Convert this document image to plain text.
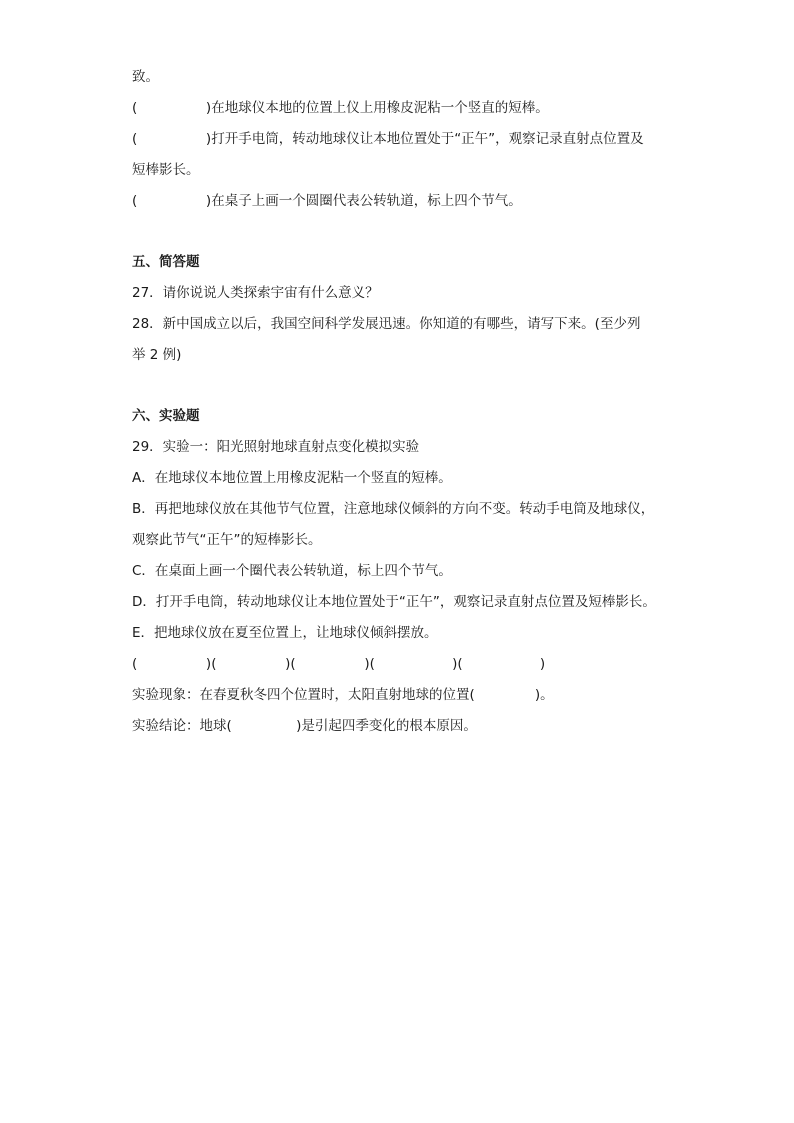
致。
(                )在地球仪本地的位置上仪上用橡皮泥粘一个竖直的短棒。
(                )打开手电筒，转动地球仪让本地位置处于“正午”，观察记录直射点位置及
短棒影长。
(                )在桌子上画一个圆圈代表公转轨道，标上四个节气。
五、简答题
27．请你说说人类探索宇宙有什么意义？
28．新中国成立以后，我国空间科学发展迅速。你知道的有哪些，请写下来。(至少列
举 2 例)
六、实验题
29．实验一：阳光照射地球直射点变化模拟实验
A．在地球仪本地位置上用橡皮泥粘一个竖直的短棒。
B．再把地球仪放在其他节气位置，注意地球仪倾斜的方向不变。转动手电筒及地球仪，
观察此节气“正午”的短棒影长。
C．在桌面上画一个圈代表公转轨道，标上四个节气。
D．打开手电筒，转动地球仪让本地位置处于“正午”，观察记录直射点位置及短棒影长。
E．把地球仪放在夏至位置上，让地球仪倾斜摆放。
(                )(                )(                )(                  )(                  )
实验现象：在春夏秋冬四个位置时，太阳直射地球的位置(              )。
实验结论：地球(               )是引起四季变化的根本原因。
